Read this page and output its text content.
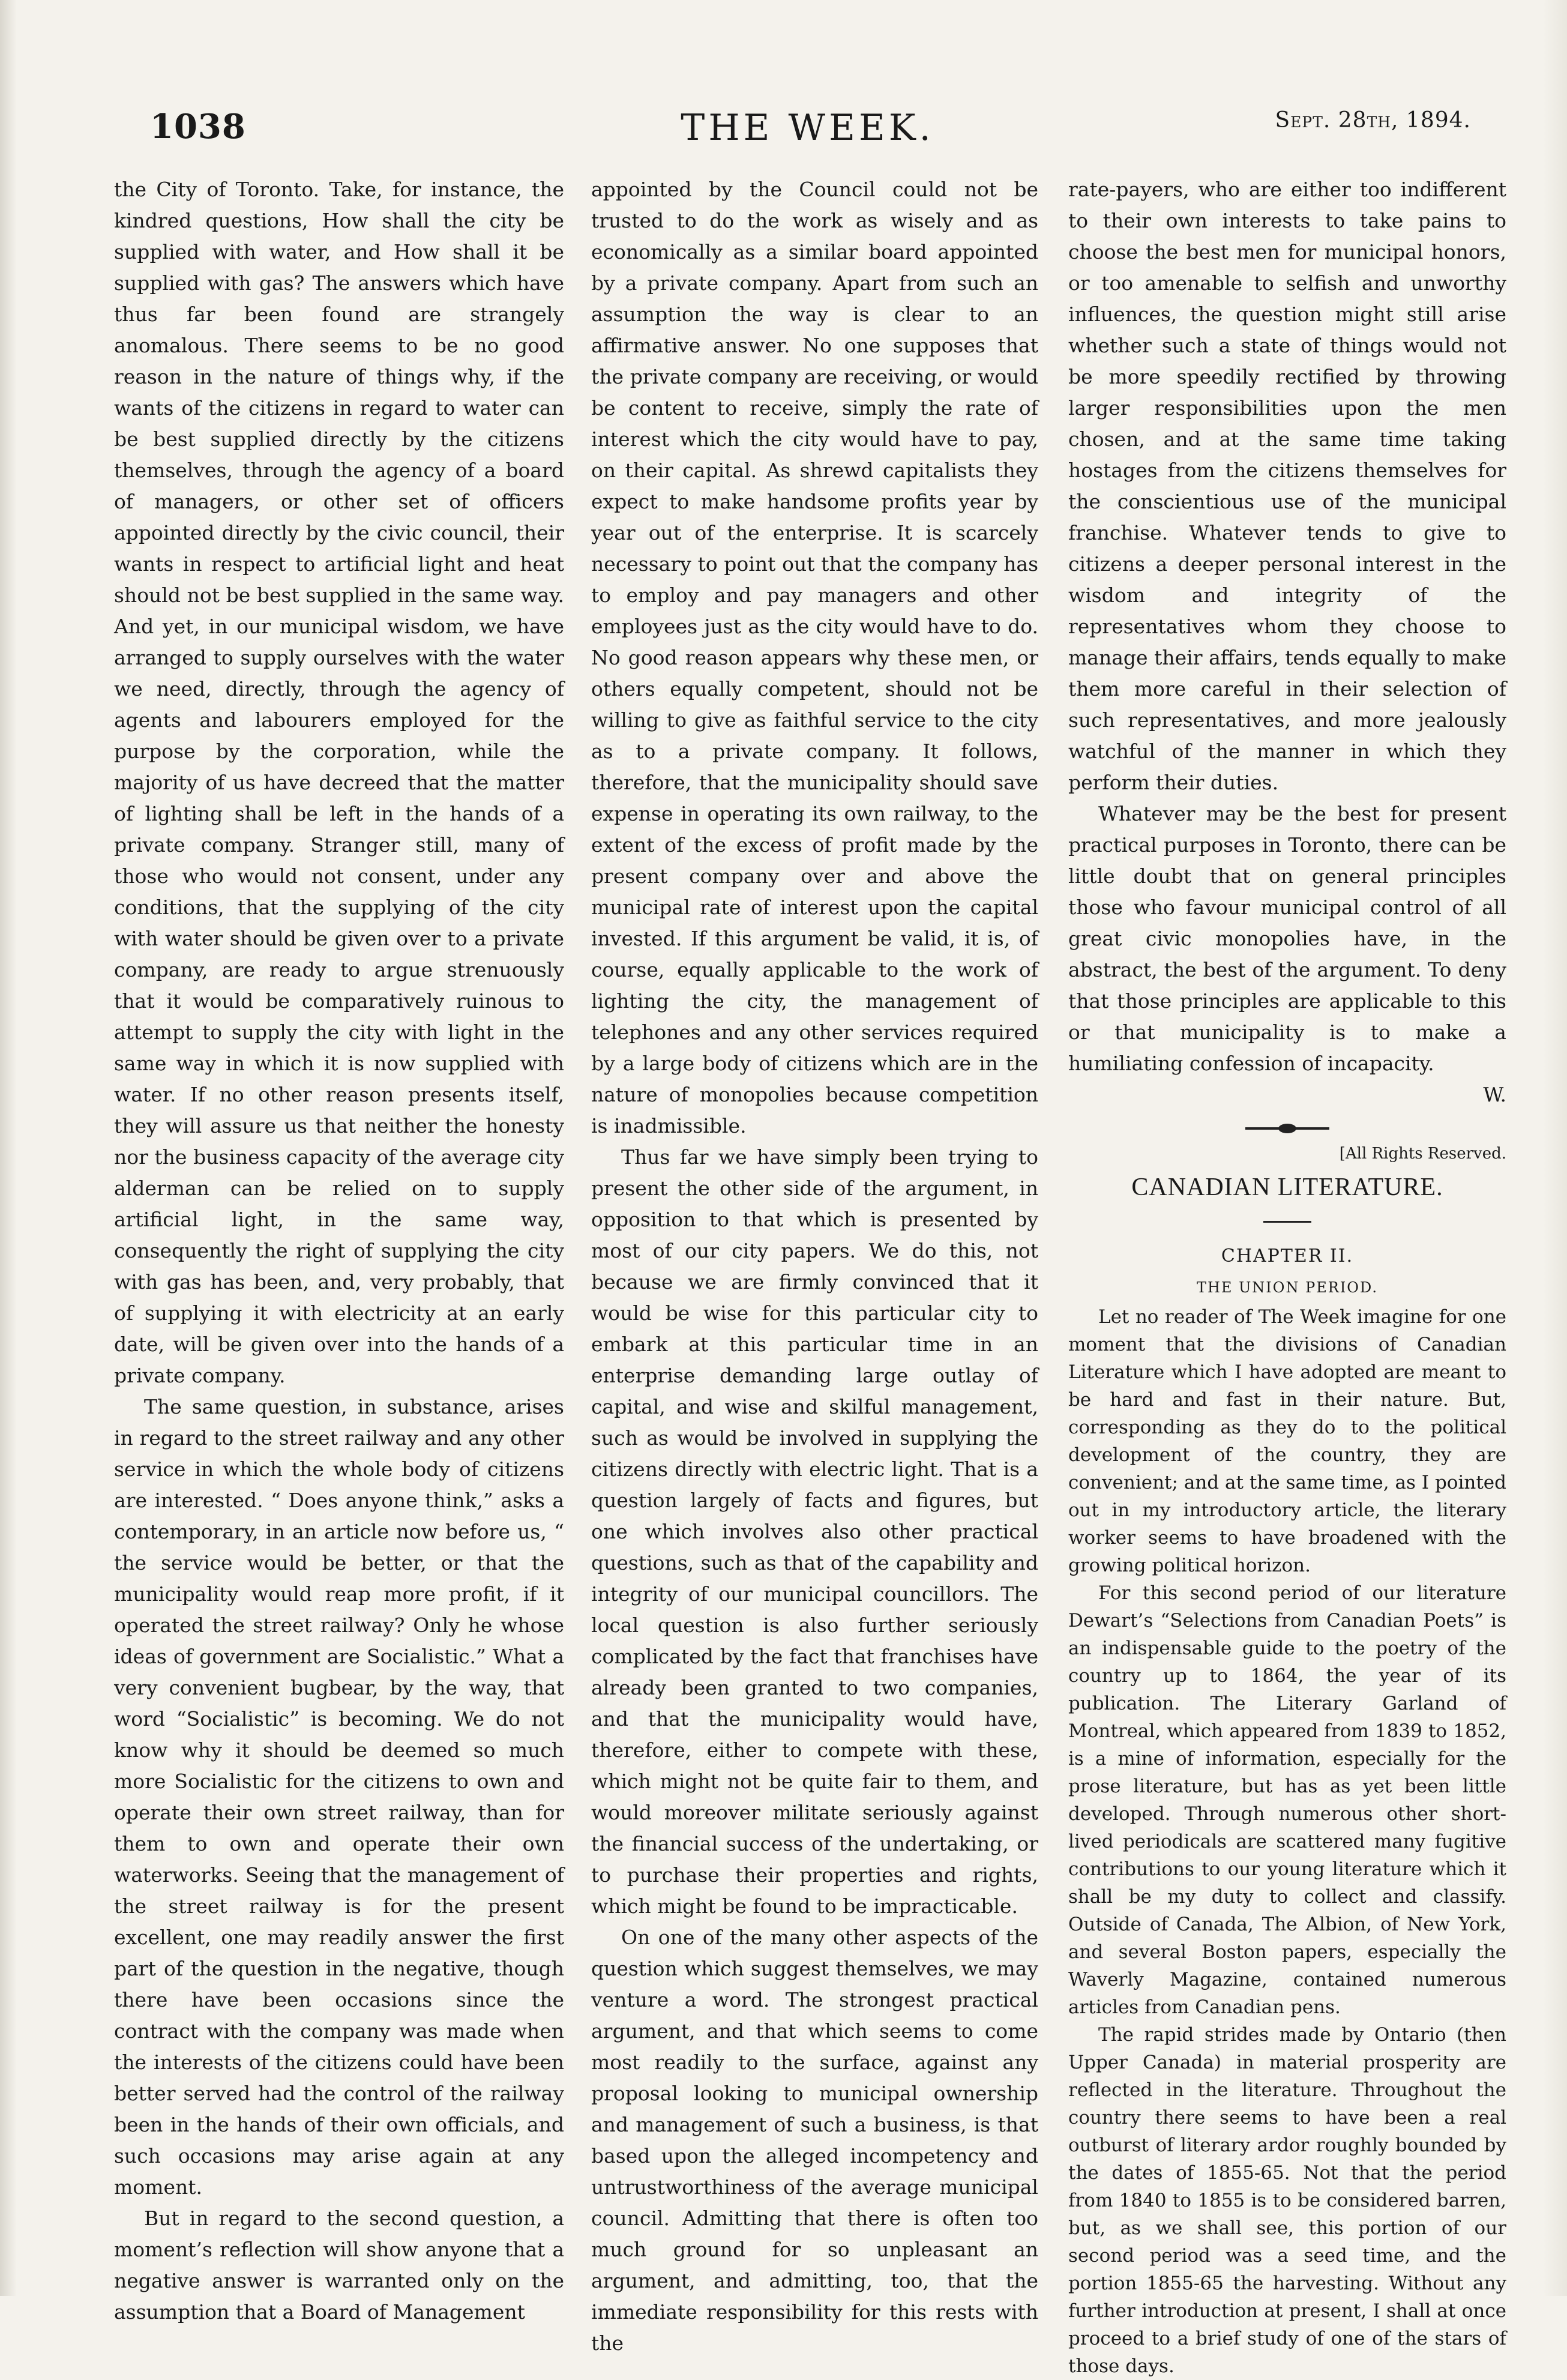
1038	THE WEEK.	Sept. 28th, 1894.

the City of Toronto. Take, for instance, the kindred questions, How shall the city be supplied with water, and How shall it be supplied with gas? The answers which have thus far been found are strangely anomalous. There seems to be no good reason in the nature of things why, if the wants of the citizens in regard to water can be best supplied directly by the citizens themselves, through the agency of a board of managers, or other set of officers appointed directly by the civic council, their wants in respect to artificial light and heat should not be best supplied in the same way. And yet, in our municipal wisdom, we have arranged to supply ourselves with the water we need, directly, through the agency of agents and labourers employed for the purpose by the corporation, while the majority of us have decreed that the matter of lighting shall be left in the hands of a private company. Stranger still, many of those who would not consent, under any conditions, that the supplying of the city with water should be given over to a private company, are ready to argue strenuously that it would be comparatively ruinous to attempt to supply the city with light in the same way in which it is now supplied with water. If no other reason presents itself, they will assure us that neither the honesty nor the business capacity of the average city alderman can be relied on to supply artificial light, in the same way, consequently the right of supplying the city with gas has been, and, very probably, that of supplying it with electricity at an early date, will be given over into the hands of a private company.

The same question, in substance, arises in regard to the street railway and any other service in which the whole body of citizens are interested. “ Does anyone think,” asks a contemporary, in an article now before us, “ the service would be better, or that the municipality would reap more profit, if it operated the street railway? Only he whose ideas of government are Socialistic.” What a very convenient bugbear, by the way, that word “Socialistic” is becoming. We do not know why it should be deemed so much more Socialistic for the citizens to own and operate their own street railway, than for them to own and operate their own waterworks. Seeing that the management of the street railway is for the present excellent, one may readily answer the first part of the question in the negative, though there have been occasions since the contract with the company was made when the interests of the citizens could have been better served had the control of the railway been in the hands of their own officials, and such occasions may arise again at any moment.

But in regard to the second question, a moment’s reflection will show anyone that a negative answer is warranted only on the assumption that a Board of Management

appointed by the Council could not be trusted to do the work as wisely and as economically as a similar board appointed by a private company. Apart from such an assumption the way is clear to an affirmative answer. No one supposes that the private company are receiving, or would be content to receive, simply the rate of interest which the city would have to pay, on their capital. As shrewd capitalists they expect to make handsome profits year by year out of the enterprise. It is scarcely necessary to point out that the company has to employ and pay managers and other employees just as the city would have to do. No good reason appears why these men, or others equally competent, should not be willing to give as faithful service to the city as to a private company. It follows, therefore, that the municipality should save expense in operating its own railway, to the extent of the excess of profit made by the present company over and above the municipal rate of interest upon the capital invested. If this argument be valid, it is, of course, equally applicable to the work of lighting the city, the management of telephones and any other services required by a large body of citizens which are in the nature of monopolies because competition is inadmissible.

Thus far we have simply been trying to present the other side of the argument, in opposition to that which is presented by most of our city papers. We do this, not because we are firmly convinced that it would be wise for this particular city to embark at this particular time in an enterprise demanding large outlay of capital, and wise and skilful management, such as would be involved in supplying the citizens directly with electric light. That is a question largely of facts and figures, but one which involves also other practical questions, such as that of the capability and integrity of our municipal councillors. The local question is also further seriously complicated by the fact that franchises have already been granted to two companies, and that the municipality would have, therefore, either to compete with these, which might not be quite fair to them, and would moreover militate seriously against the financial success of the undertaking, or to purchase their properties and rights, which might be found to be impracticable.

On one of the many other aspects of the question which suggest themselves, we may venture a word. The strongest practical argument, and that which seems to come most readily to the surface, against any proposal looking to municipal ownership and management of such a business, is that based upon the alleged incompetency and untrustworthiness of the average municipal council. Admitting that there is often too much ground for so unpleasant an argument, and admitting, too, that the immediate responsibility for this rests with the

rate-payers, who are either too indifferent to their own interests to take pains to choose the best men for municipal honors, or too amenable to selfish and unworthy influences, the question might still arise whether such a state of things would not be more speedily rectified by throwing larger responsibilities upon the men chosen, and at the same time taking hostages from the citizens themselves for the conscientious use of the municipal franchise. Whatever tends to give to citizens a deeper personal interest in the wisdom and integrity of the representatives whom they choose to manage their affairs, tends equally to make them more careful in their selection of such representatives, and more jealously watchful of the manner in which they perform their duties.

Whatever may be the best for present practical purposes in Toronto, there can be little doubt that on general principles those who favour municipal control of all great civic monopolies have, in the abstract, the best of the argument. To deny that those principles are applicable to this or that municipality is to make a humiliating confession of incapacity.

W.

[All Rights Reserved.

CANADIAN LITERATURE.

CHAPTER II.

THE UNION PERIOD.

Let no reader of The Week imagine for one moment that the divisions of Canadian Literature which I have adopted are meant to be hard and fast in their nature. But, corresponding as they do to the political development of the country, they are convenient; and at the same time, as I pointed out in my introductory article, the literary worker seems to have broadened with the growing political horizon.

For this second period of our literature Dewart’s “Selections from Canadian Poets” is an indispensable guide to the poetry of the country up to 1864, the year of its publication. The Literary Garland of Montreal, which appeared from 1839 to 1852, is a mine of information, especially for the prose literature, but has as yet been little developed. Through numerous other short-lived periodicals are scattered many fugitive contributions to our young literature which it shall be my duty to collect and classify. Outside of Canada, The Albion, of New York, and several Boston papers, especially the Waverly Magazine, contained numerous articles from Canadian pens.

The rapid strides made by Ontario (then Upper Canada) in material prosperity are reflected in the literature. Throughout the country there seems to have been a real outburst of literary ardor roughly bounded by the dates of 1855-65. Not that the period from 1840 to 1855 is to be considered barren, but, as we shall see, this portion of our second period was a seed time, and the portion 1855-65 the harvesting. Without any further introduction at present, I shall at once proceed to a brief study of one of the stars of those days.
